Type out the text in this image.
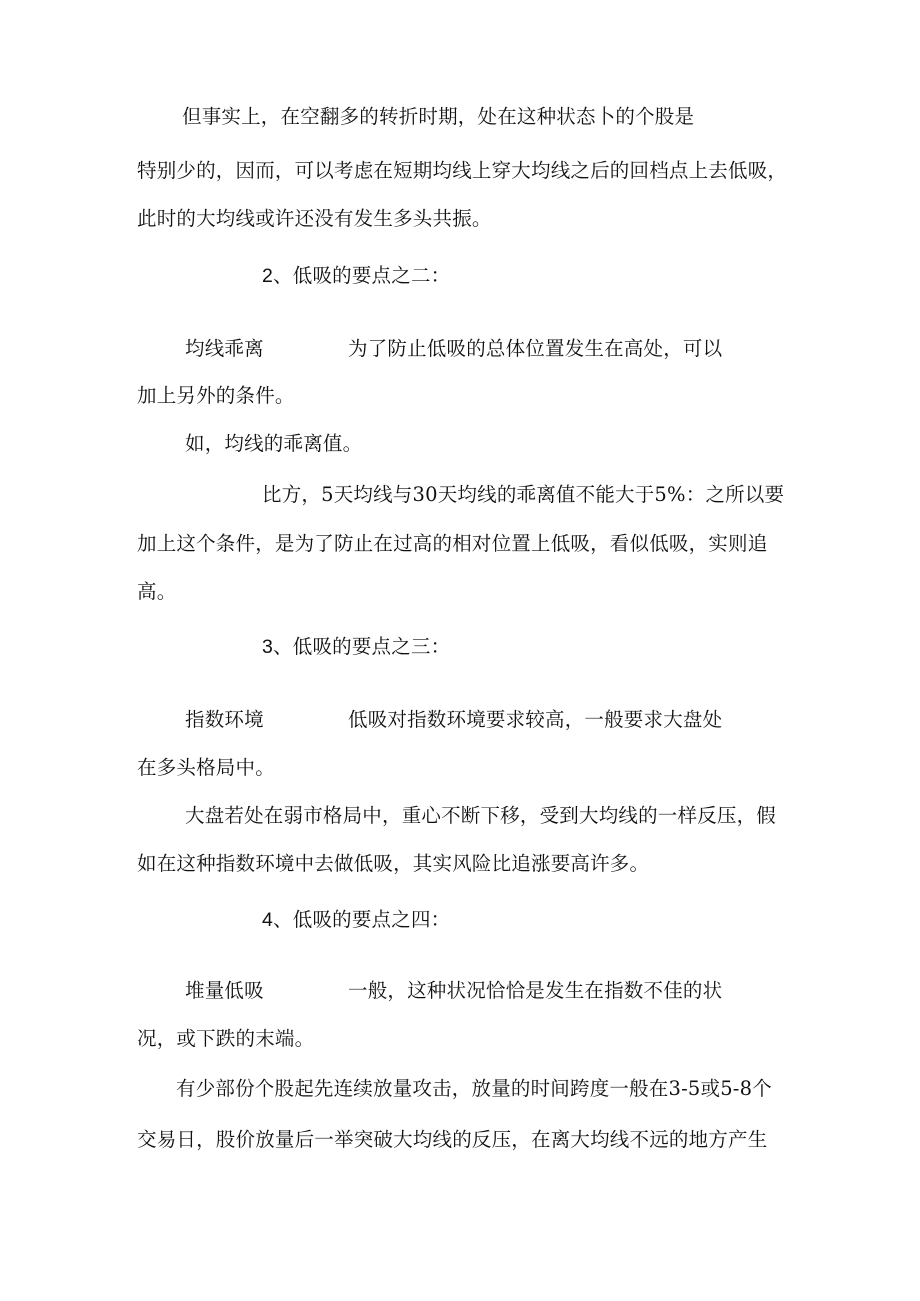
但事实上，在空翻多的转折时期，处在这种状态卜的个股是
特别少的，因而，可以考虑在短期均线上穿大均线之后的回档点上去低吸，
此时的大均线或许还没有发生多头共振。
2、低吸的要点之二：
均线乖离	为了防止低吸的总体位置发生在高处，可以
加上另外的条件。
如，均线的乖离值。
比方，5天均线与30天均线的乖离值不能大于5%：之所以要
加上这个条件，是为了防止在过高的相对位置上低吸，看似低吸，实则追
高。
3、低吸的要点之三：
指数环境	低吸对指数环境要求较高，一般要求大盘处
在多头格局中。
大盘若处在弱市格局中，重心不断下移，受到大均线的一样反压，假
如在这种指数环境中去做低吸，其实风险比追涨要高许多。
4、低吸的要点之四：
堆量低吸	一般，这种状况恰恰是发生在指数不佳的状
况，或下跌的末端。
有少部份个股起先连续放量攻击，放量的时间跨度一般在3-5或5-8个
交易日，股价放量后一举突破大均线的反压，在离大均线不远的地方产生
